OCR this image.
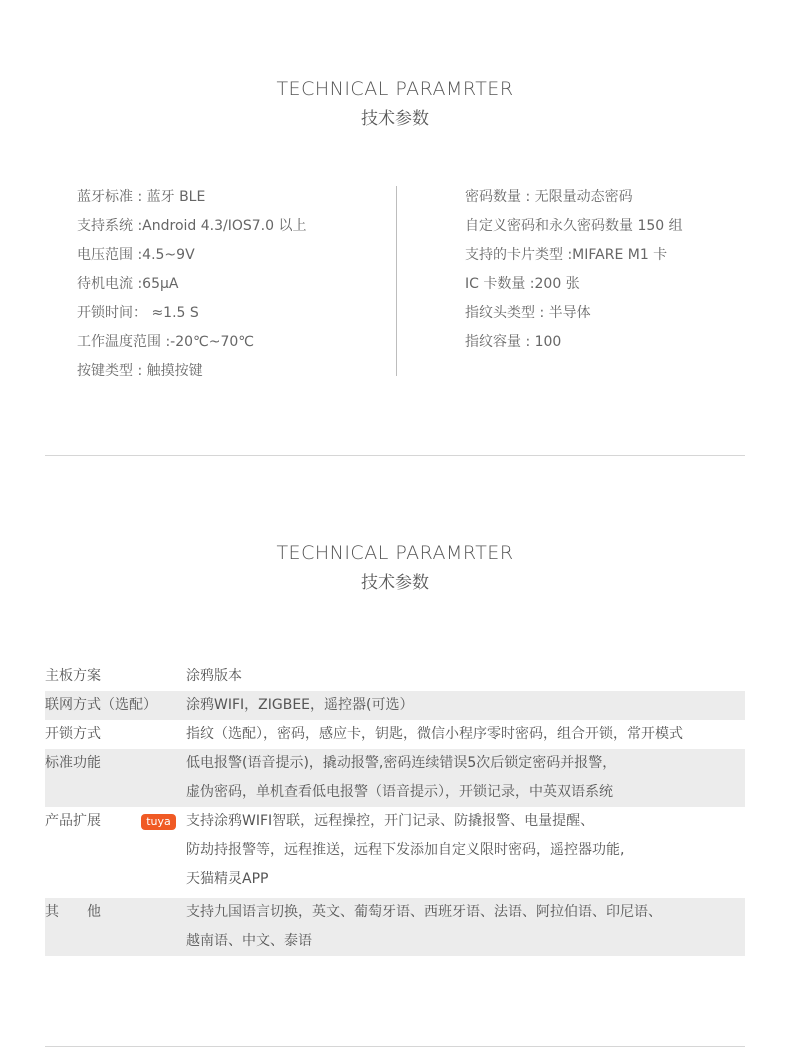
TECHNICAL PARAMRTER
技术参数
蓝牙标准 : 蓝牙 BLE
支持系统 :Android 4.3/IOS7.0 以上
电压范围 :4.5~9V
待机电流 :65μA
开锁时间： ≈1.5 S
工作温度范围 :-20℃~70℃
按键类型 : 触摸按键
密码数量 : 无限量动态密码
自定义密码和永久密码数量 150 组
支持的卡片类型 :MIFARE M1 卡
IC 卡数量 :200 张
指纹头类型 : 半导体
指纹容量 : 100
TECHNICAL PARAMRTER
技术参数
主板方案	涂鸦版本
联网方式（选配） 涂鸦WIFI，ZIGBEE，遥控器(可选）
开锁方式	指纹（选配），密码，感应卡，钥匙，微信小程序零时密码，组合开锁，常开模式
标准功能	低电报警(语音提示)，撬动报警,密码连续错误5次后锁定密码并报警，
虚伪密码，单机查看低电报警（语音提示），开锁记录，中英双语系统
产品扩展	tuya	支持涂鸦WIFI智联，远程操控，开门记录、防撬报警、电量提醒、
防劫持报警等，远程推送，远程下发添加自定义限时密码，遥控器功能,
天猫精灵APP
其　　他	支持九国语言切换，英文、葡萄牙语、西班牙语、法语、阿拉伯语、印尼语、
越南语、中文、泰语
